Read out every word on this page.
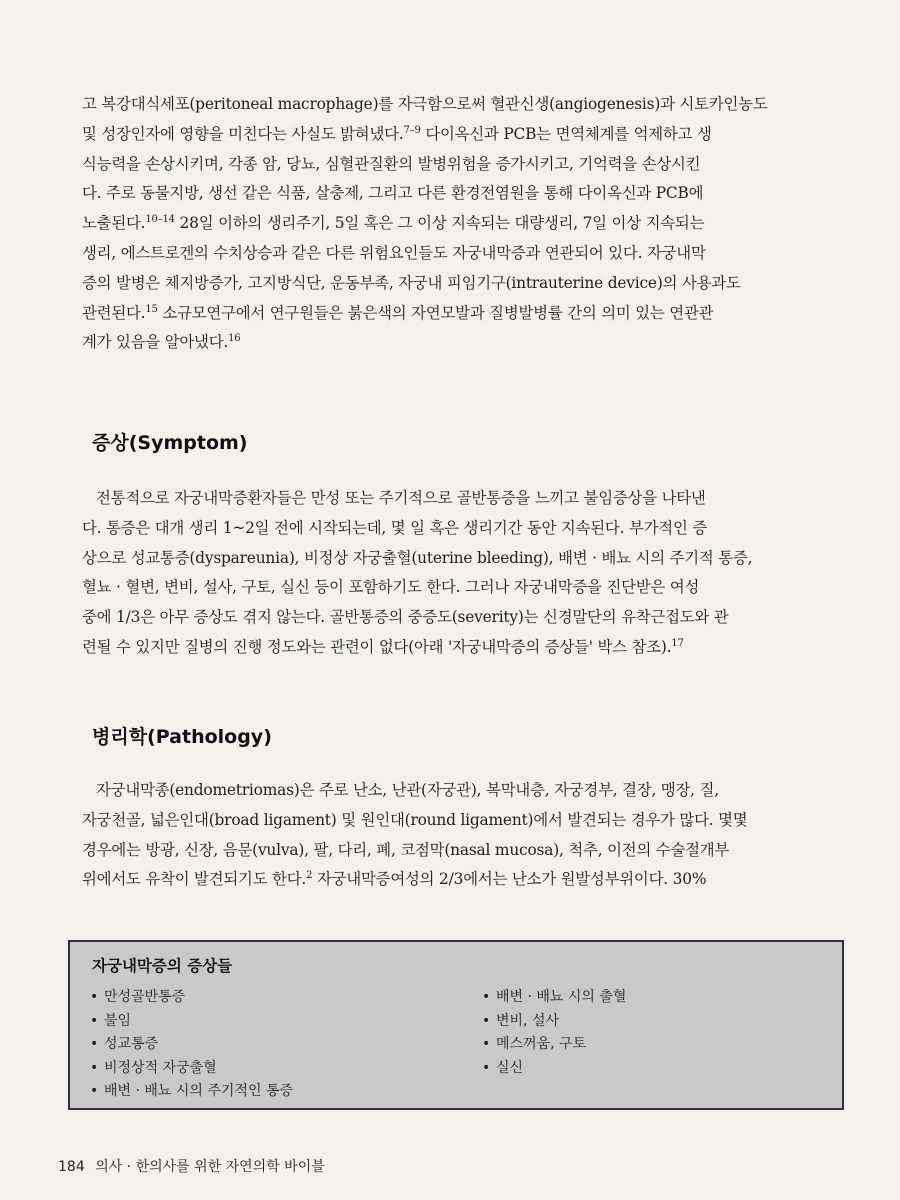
고 복강대식세포(peritoneal macrophage)를 자극함으로써 혈관신생(angiogenesis)과 시토카인농도
및 성장인자에 영향을 미친다는 사실도 밝혀냈다.$^{7-9}$ 다이옥신과 PCB는 면역체계를 억제하고 생
식능력을 손상시키며, 각종 암, 당뇨, 심혈관질환의 발병위험을 증가시키고, 기억력을 손상시킨
다. 주로 동물지방, 생선 같은 식품, 살충제, 그리고 다른 환경전염원을 통해 다이옥신과 PCB에
노출된다.$^{10-14}$ 28일 이하의 생리주기, 5일 혹은 그 이상 지속되는 대량생리, 7일 이상 지속되는
생리, 에스트로겐의 수치상승과 같은 다른 위험요인들도 자궁내막증과 연관되어 있다. 자궁내막
증의 발병은 체지방증가, 고지방식단, 운동부족, 자궁내 피임기구(intrauterine device)의 사용과도
관련된다.$^{15}$ 소규모연구에서 연구원들은 붉은색의 자연모발과 질병발병률 간의 의미 있는 연관관
계가 있음을 알아냈다.$^{16}$
증상(Symptom)
전통적으로 자궁내막증환자들은 만성 또는 주기적으로 골반통증을 느끼고 불임증상을 나타낸
다. 통증은 대개 생리 1~2일 전에 시작되는데, 몇 일 혹은 생리기간 동안 지속된다. 부가적인 증
상으로 성교통증(dyspareunia), 비정상 자궁출혈(uterine bleeding), 배변 · 배뇨 시의 주기적 통증,
혈뇨 · 혈변, 변비, 설사, 구토, 실신 등이 포함하기도 한다. 그러나 자궁내막증을 진단받은 여성
중에 1/3은 아무 증상도 겪지 않는다. 골반통증의 중증도(severity)는 신경말단의 유착근접도와 관
련될 수 있지만 질병의 진행 정도와는 관련이 없다(아래 '자궁내막증의 증상들' 박스 참조).$^{17}$
병리학(Pathology)
자궁내막종(endometriomas)은 주로 난소, 난관(자궁관), 복막내층, 자궁경부, 결장, 맹장, 질,
자궁천골, 넓은인대(broad ligament) 및 원인대(round ligament)에서 발견되는 경우가 많다. 몇몇
경우에는 방광, 신장, 음문(vulva), 팔, 다리, 폐, 코점막(nasal mucosa), 척추, 이전의 수술절개부
위에서도 유착이 발견되기도 한다.$^2$ 자궁내막증여성의 2/3에서는 난소가 원발성부위이다. 30%
자궁내막증의 증상들
• 만성골반통증
• 불임
• 성교통증
• 비정상적 자궁출혈
• 배변 · 배뇨 시의 주기적인 통증
• 배변 · 배뇨 시의 출혈
• 변비, 설사
• 메스꺼움, 구토
• 실신
184 의사 · 한의사를 위한 자연의학 바이블
